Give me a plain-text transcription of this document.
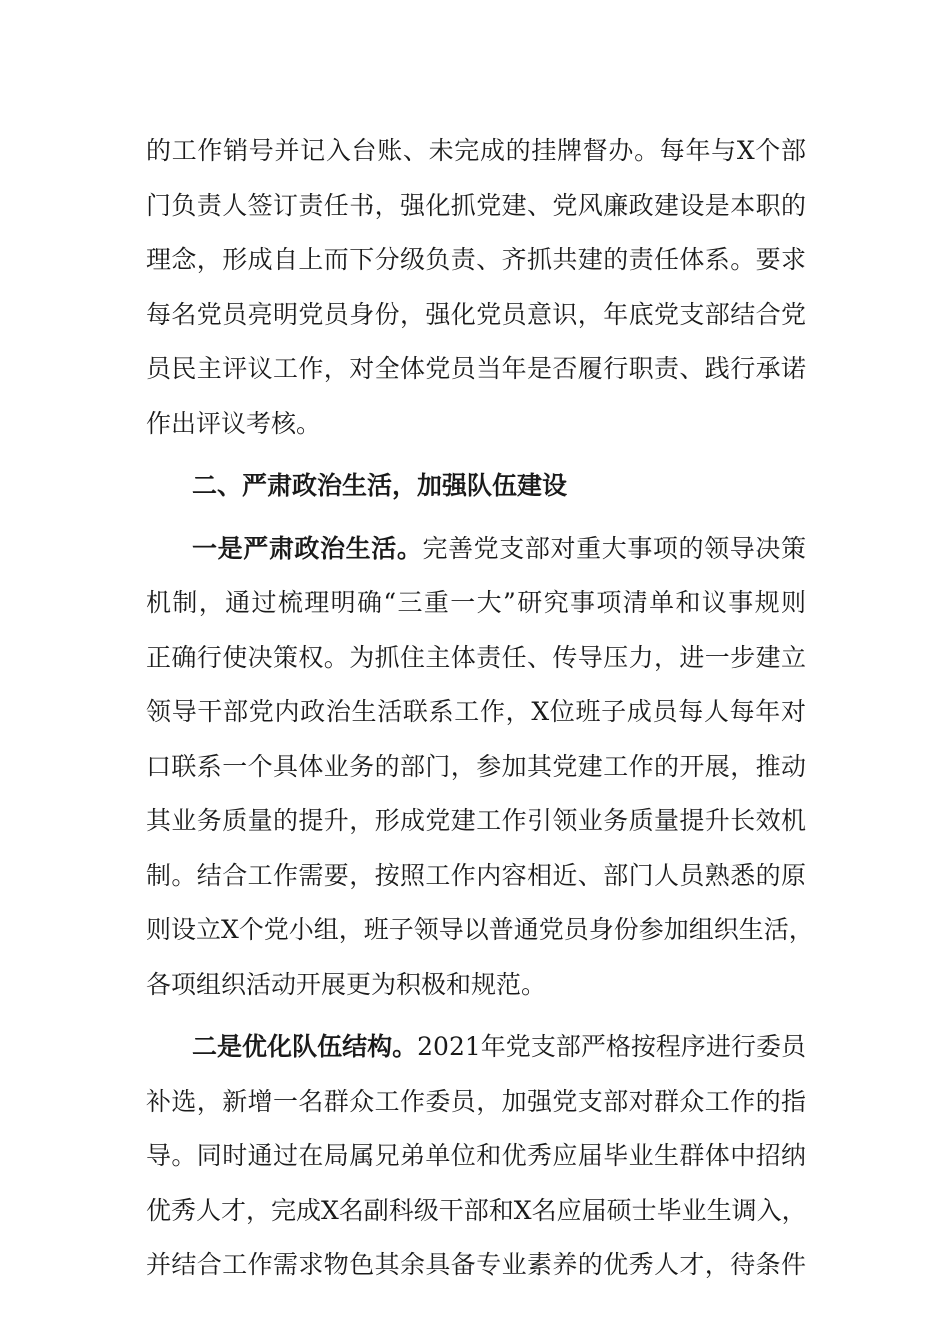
的工作销号并记入台账、未完成的挂牌督办。每年与X个部
门负责人签订责任书，强化抓党建、党风廉政建设是本职的
理念，形成自上而下分级负责、齐抓共建的责任体系。要求
每名党员亮明党员身份，强化党员意识，年底党支部结合党
员民主评议工作，对全体党员当年是否履行职责、践行承诺
作出评议考核。
二、严肃政治生活，加强队伍建设
一是严肃政治生活。完善党支部对重大事项的领导决策
机制，通过梳理明确“三重一大”研究事项清单和议事规则
正确行使决策权。为抓住主体责任、传导压力，进一步建立
领导干部党内政治生活联系工作，X位班子成员每人每年对
口联系一个具体业务的部门，参加其党建工作的开展，推动
其业务质量的提升，形成党建工作引领业务质量提升长效机
制。结合工作需要，按照工作内容相近、部门人员熟悉的原
则设立X个党小组，班子领导以普通党员身份参加组织生活，
各项组织活动开展更为积极和规范。
二是优化队伍结构。2021年党支部严格按程序进行委员
补选，新增一名群众工作委员，加强党支部对群众工作的指
导。同时通过在局属兄弟单位和优秀应届毕业生群体中招纳
优秀人才，完成X名副科级干部和X名应届硕士毕业生调入，
并结合工作需求物色其余具备专业素养的优秀人才，待条件
